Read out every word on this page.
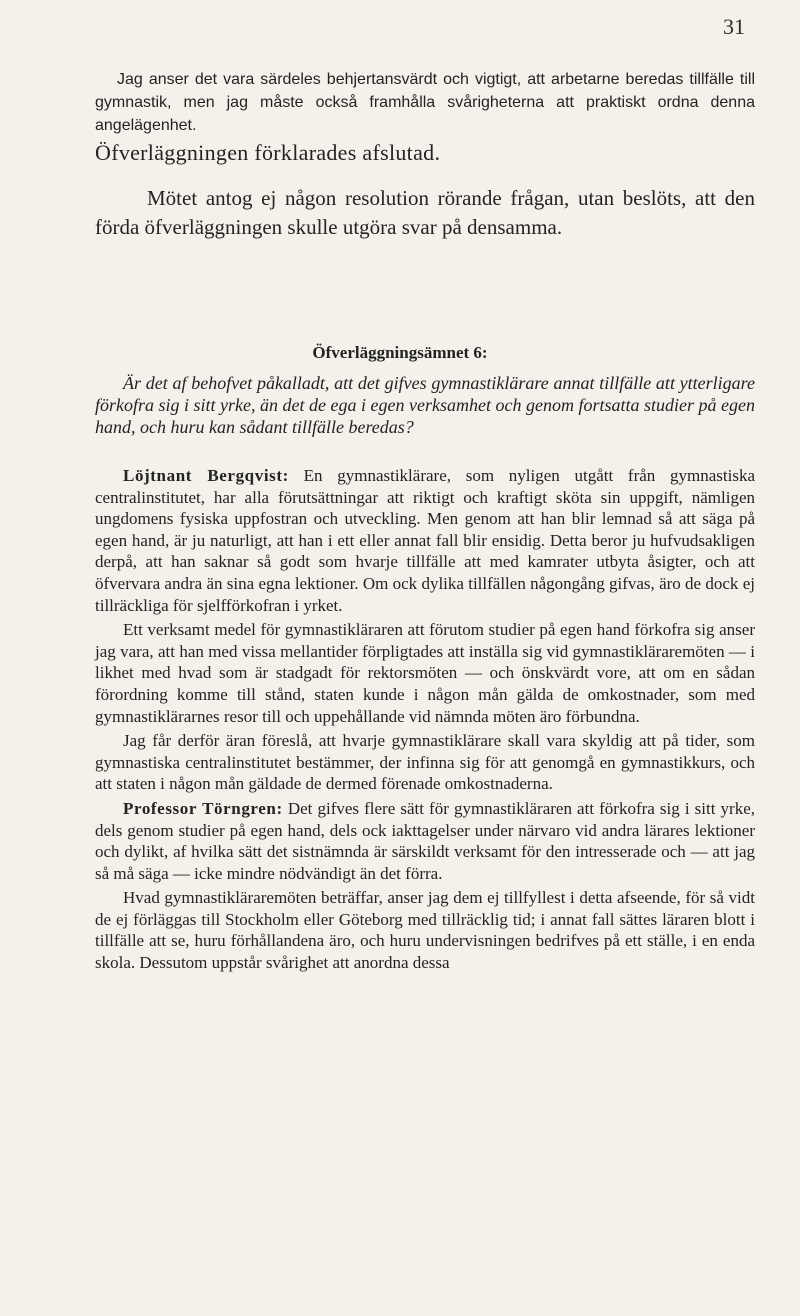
31
Jag anser det vara särdeles behjertansvärdt och vigtigt, att arbetarne beredas tillfälle till gymnastik, men jag måste också framhålla svårigheterna att praktiskt ordna denna angelägenhet.
Öfverläggningen förklarades afslutad.
Mötet antog ej någon resolution rörande frågan, utan beslöts, att den förda öfverläggningen skulle utgöra svar på densamma.
Öfverläggningsämnet 6:
Är det af behofvet påkalladt, att det gifves gymnastiklärare annat tillfälle att ytterligare förkofra sig i sitt yrke, än det de ega i egen verksamhet och genom fortsatta studier på egen hand, och huru kan sådant tillfälle beredas?

Löjtnant Bergqvist: En gymnastiklärare, som nyligen utgått från gymnastiska centralinstitutet, har alla förutsättningar att riktigt och kraftigt sköta sin uppgift, nämligen ungdomens fysiska uppfostran och utveckling. Men genom att han blir lemnad så att säga på egen hand, är ju naturligt, att han i ett eller annat fall blir ensidig. Detta beror ju hufvudsakligen derpå, att han saknar så godt som hvarje tillfälle att med kamrater utbyta åsigter, och att öfvervara andra än sina egna lektioner. Om ock dylika tillfällen någongång gifvas, äro de dock ej tillräckliga för sjelfförkofran i yrket.

Ett verksamt medel för gymnastikläraren att förutom studier på egen hand förkofra sig anser jag vara, att han med vissa mellantider förpligtades att inställa sig vid gymnastiklärаremöten — i likhet med hvad som är stadgadt för rektorsmöten — och önskvärdt vore, att om en sådan förordning komme till stånd, staten kunde i någon mån gälda de omkostnader, som med gymnastiklärarnes resor till och uppehållande vid nämnda möten äro förbundna.

Jag får derför äran föreslå, att hvarje gymnastiklärare skall vara skyldig att på tider, som gymnastiska centralinstitutet bestämmer, der infinna sig för att genomgå en gymnastikkurs, och att staten i någon mån gäldade de dermed förenade omkostnaderna.

Professor Törngren: Det gifves flere sätt för gymnastikläraren att förkofra sig i sitt yrke, dels genom studier på egen hand, dels ock iakttagelser under närvaro vid andra lärares lektioner och dylikt, af hvilka sätt det sistnämnda är särskildt verksamt för den intresserade och — att jag så må säga — icke mindre nödvändigt än det förra.

Hvad gymnastiklärаremöten beträffar, anser jag dem ej tillfyllest i detta afseende, för så vidt de ej förläggas till Stockholm eller Göteborg med tillräcklig tid; i annat fall sättes läraren blott i tillfälle att se, huru förhållandena äro, och huru undervisningen bedrifves på ett ställe, i en enda skola. Dessutom uppstår svårighet att anordna dessa
